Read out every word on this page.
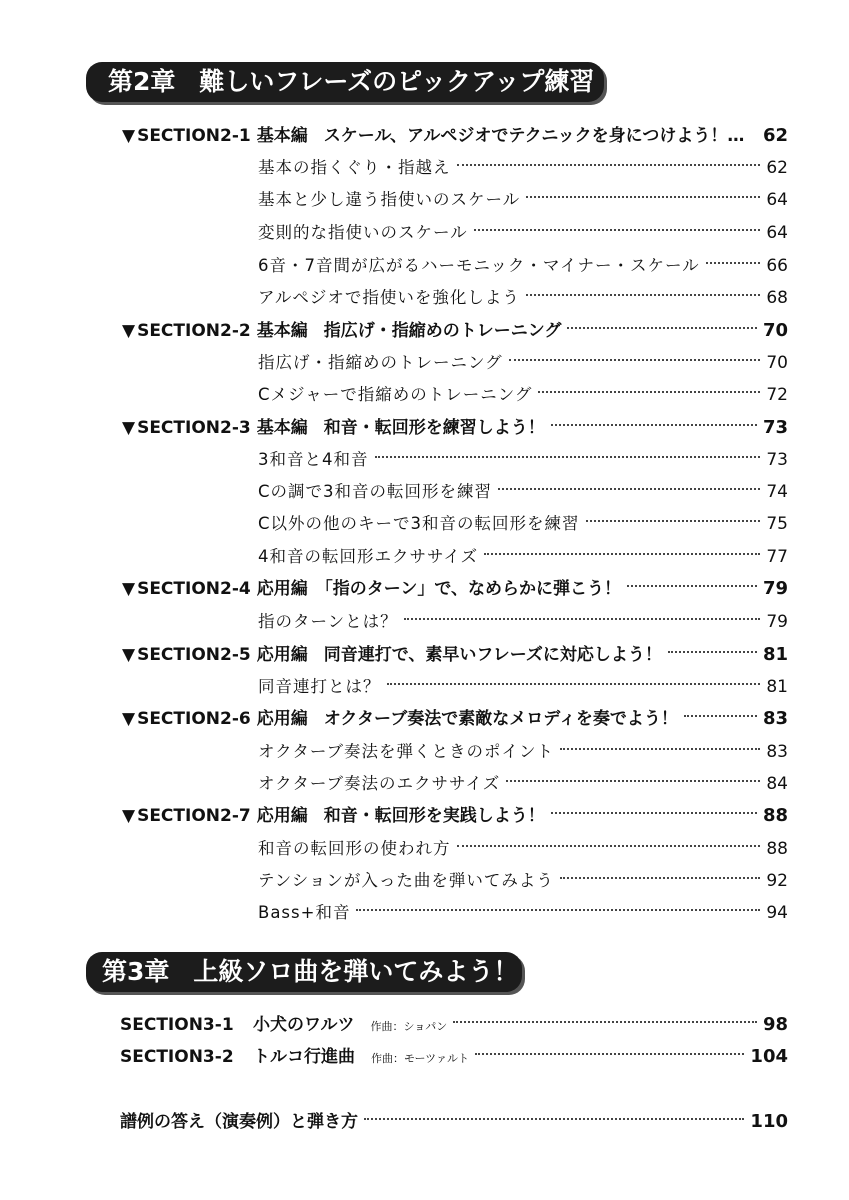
第2章 難しいフレーズのピックアップ練習
▼ SECTION2-1 基本編 スケール、アルペジオでテクニックを身につけよう！… 62
基本の指くぐり・指越え	62
基本と少し違う指使いのスケール	64
変則的な指使いのスケール	64
6音・7音間が広がるハーモニック・マイナー・スケール	66
アルペジオで指使いを強化しよう	68
▼ SECTION2-2 基本編 指広げ・指縮めのトレーニング	70
指広げ・指縮めのトレーニング	70
Cメジャーで指縮めのトレーニング	72
▼ SECTION2-3 基本編 和音・転回形を練習しよう！	73
3和音と4和音	73
Cの調で3和音の転回形を練習	74
C以外の他のキーで3和音の転回形を練習	75
4和音の転回形エクササイズ	77
▼ SECTION2-4 応用編 「指のターン」で、なめらかに弾こう！	79
指のターンとは？	79
▼ SECTION2-5 応用編 同音連打で、素早いフレーズに対応しよう！	81
同音連打とは？	81
▼ SECTION2-6 応用編 オクターブ奏法で素敵なメロディを奏でよう！	83
オクターブ奏法を弾くときのポイント	83
オクターブ奏法のエクササイズ	84
▼ SECTION2-7 応用編 和音・転回形を実践しよう！	88
和音の転回形の使われ方	88
テンションが入った曲を弾いてみよう	92
Bass+和音	94
第3章 上級ソロ曲を弾いてみよう！
SECTION3-1 小犬のワルツ 作曲：ショパン	98
SECTION3-2 トルコ行進曲 作曲：モーツァルト	104
譜例の答え（演奏例）と弾き方	110
